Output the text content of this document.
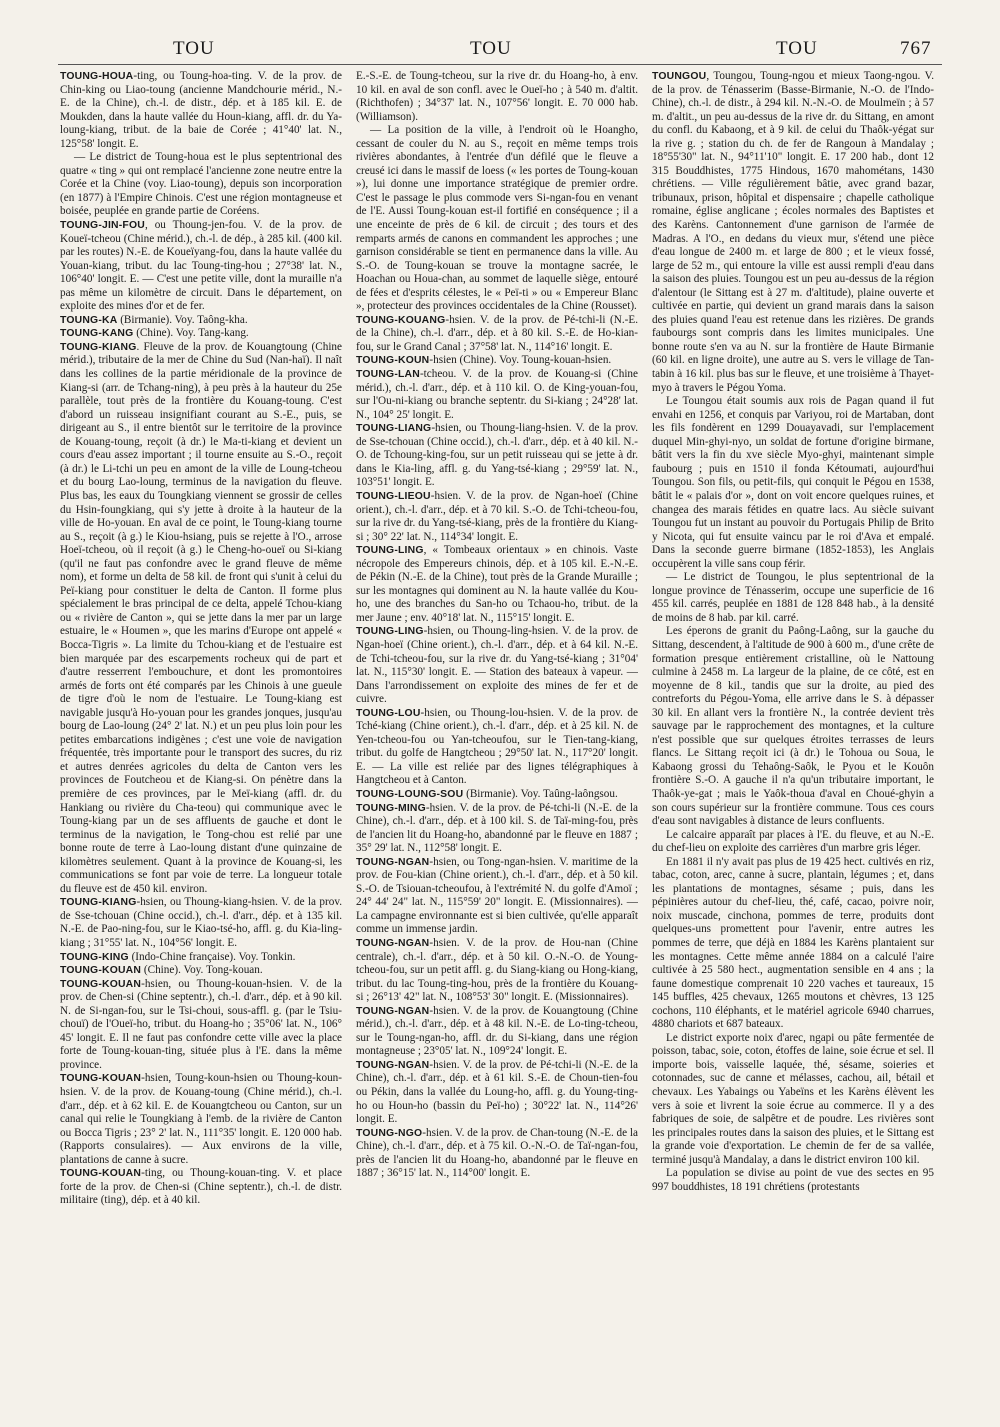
TOU	TOU	TOU	767

TOUNG-HOUA-ting, ou Toung-hoa-ting. V. de la prov. de Chin-king ou Liao-toung (ancienne Mandchourie mérid., N.-E. de la Chine), ch.-l. de distr., dép. et à 185 kil. E. de Moukden, dans la haute vallée du Houn-kiang, affl. dr. du Ya-loung-kiang, tribut. de la baie de Corée ; 41°40' lat. N., 125°58' longit. E.

— Le district de Toung-houa est le plus septentrional des quatre « ting » qui ont remplacé l'ancienne zone neutre entre la Corée et la Chine (voy. Liao-toung), depuis son incorporation (en 1877) à l'Empire Chinois. C'est une région montagneuse et boisée, peuplée en grande partie de Coréens.

TOUNG-JIN-FOU, ou Thoung-jen-fou. V. de la prov. de Koueï-tcheou (Chine mérid.), ch.-l. de dép., à 285 kil. (400 kil. par les routes) N.-E. de Koueïyang-fou, dans la haute vallée du Youan-kiang, tribut. du lac Toung-ting-hou ; 27°38' lat. N., 106°40' longit. E. — C'est une petite ville, dont la muraille n'a pas même un kilomètre de circuit. Dans le département, on exploite des mines d'or et de fer.

TOUNG-KA (Birmanie). Voy. Taông-kha.

TOUNG-KANG (Chine). Voy. Tang-kang.

TOUNG-KIANG. Fleuve de la prov. de Kouangtoung (Chine mérid.), tributaire de la mer de Chine du Sud (Nan-haï). Il naît dans les collines de la partie méridionale de la province de Kiang-si (arr. de Tchang-ning), à peu près à la hauteur du 25e parallèle, tout près de la frontière du Kouang-toung. C'est d'abord un ruisseau insignifiant courant au S.-E., puis, se dirigeant au S., il entre bientôt sur le territoire de la province de Kouang-toung, reçoit (à dr.) le Ma-ti-kiang et devient un cours d'eau assez important ; il tourne ensuite au S.-O., reçoit (à dr.) le Li-tchi un peu en amont de la ville de Loung-tcheou et du bourg Lao-loung, terminus de la navigation du fleuve. Plus bas, les eaux du Toungkiang viennent se grossir de celles du Hsin-foungkiang, qui s'y jette à droite à la hauteur de la ville de Ho-youan. En aval de ce point, le Toung-kiang tourne au S., reçoit (à g.) le Kiou-hsiang, puis se rejette à l'O., arrose Hoeï-tcheou, où il reçoit (à g.) le Cheng-ho-oueï ou Si-kiang (qu'il ne faut pas confondre avec le grand fleuve de même nom), et forme un delta de 58 kil. de front qui s'unit à celui du Peï-kiang pour constituer le delta de Canton. Il forme plus spécialement le bras principal de ce delta, appelé Tchou-kiang ou « rivière de Canton », qui se jette dans la mer par un large estuaire, le « Houmen », que les marins d'Europe ont appelé « Bocca-Tigris ». La limite du Tchou-kiang et de l'estuaire est bien marquée par des escarpements rocheux qui de part et d'autre resserrent l'embouchure, et dont les promontoires armés de forts ont été comparés par les Chinois à une gueule de tigre d'où le nom de l'estuaire. Le Toung-kiang est navigable jusqu'à Ho-youan pour les grandes jonques, jusqu'au bourg de Lao-loung (24° 2' lat. N.) et un peu plus loin pour les petites embarcations indigènes ; c'est une voie de navigation fréquentée, très importante pour le transport des sucres, du riz et autres denrées agricoles du delta de Canton vers les provinces de Foutcheou et de Kiang-si. On pénètre dans la première de ces provinces, par le Meï-kiang (affl. dr. du Hankiang ou rivière du Cha-teou) qui communique avec le Toung-kiang par un de ses affluents de gauche et dont le terminus de la navigation, le Tong-chou est relié par une bonne route de terre à Lao-loung distant d'une quinzaine de kilomètres seulement. Quant à la province de Kouang-si, les communications se font par voie de terre. La longueur totale du fleuve est de 450 kil. environ.

TOUNG-KIANG-hsien, ou Thoung-kiang-hsien. V. de la prov. de Sse-tchouan (Chine occid.), ch.-l. d'arr., dép. et à 135 kil. N.-E. de Pao-ning-fou, sur le Kiao-tsé-ho, affl. g. du Kia-ling-kiang ; 31°55' lat. N., 104°56' longit. E.

TOUNG-KING (Indo-Chine française). Voy. Tonkin.

TOUNG-KOUAN (Chine). Voy. Tong-kouan.

TOUNG-KOUAN-hsien, ou Thoung-kouan-hsien. V. de la prov. de Chen-si (Chine septentr.), ch.-l. d'arr., dép. et à 90 kil. N. de Si-ngan-fou, sur le Tsi-choui, sous-affl. g. (par le Tsiu-chouï) de l'Oueï-ho, tribut. du Hoang-ho ; 35°06' lat. N., 106° 45' longit. E. Il ne faut pas confondre cette ville avec la place forte de Toung-kouan-ting, située plus à l'E. dans la même province.

TOUNG-KOUAN-hsien, Toung-koun-hsien ou Thoung-koun-hsien. V. de la prov. de Kouang-toung (Chine mérid.), ch.-l. d'arr., dép. et à 62 kil. E. de Kouangtcheou ou Canton, sur un canal qui relie le Toungkiang à l'emb. de la rivière de Canton ou Bocca Tigris ; 23° 2' lat. N., 111°35' longit. E. 120 000 hab. (Rapports consulaires). — Aux environs de la ville, plantations de canne à sucre.

TOUNG-KOUAN-ting, ou Thoung-kouan-ting. V. et place forte de la prov. de Chen-si (Chine septentr.), ch.-l. de distr. militaire (ting), dép. et à 40 kil.

E.-S.-E. de Toung-tcheou, sur la rive dr. du Hoang-ho, à env. 10 kil. en aval de son confl. avec le Oueï-ho ; à 540 m. d'altit. (Richthofen) ; 34°37' lat. N., 107°56' longit. E. 70 000 hab. (Williamson).

— La position de la ville, à l'endroit où le Hoangho, cessant de couler du N. au S., reçoit en même temps trois rivières abondantes, à l'entrée d'un défilé que le fleuve a creusé ici dans le massif de loess (« les portes de Toung-kouan »), lui donne une importance stratégique de premier ordre. C'est le passage le plus commode vers Si-ngan-fou en venant de l'E. Aussi Toung-kouan est-il fortifié en conséquence ; il a une enceinte de près de 6 kil. de circuit ; des tours et des remparts armés de canons en commandent les approches ; une garnison considérable se tient en permanence dans la ville. Au S.-O. de Toung-kouan se trouve la montagne sacrée, le Hoachan ou Houa-chan, au sommet de laquelle siège, entouré de fées et d'esprits célestes, le « Peï-ti » ou « Empereur Blanc », protecteur des provinces occidentales de la Chine (Rousset).

TOUNG-KOUANG-hsien. V. de la prov. de Pé-tchi-li (N.-E. de la Chine), ch.-l. d'arr., dép. et à 80 kil. S.-E. de Ho-kian-fou, sur le Grand Canal ; 37°58' lat. N., 114°16' longit. E.

TOUNG-KOUN-hsien (Chine). Voy. Toung-kouan-hsien.

TOUNG-LAN-tcheou. V. de la prov. de Kouang-si (Chine mérid.), ch.-l. d'arr., dép. et à 110 kil. O. de King-youan-fou, sur l'Ou-ni-kiang ou branche septentr. du Si-kiang ; 24°28' lat. N., 104° 25' longit. E.

TOUNG-LIANG-hsien, ou Thoung-liang-hsien. V. de la prov. de Sse-tchouan (Chine occid.), ch.-l. d'arr., dép. et à 40 kil. N.-O. de Tchoung-king-fou, sur un petit ruisseau qui se jette à dr. dans le Kia-ling, affl. g. du Yang-tsé-kiang ; 29°59' lat. N., 103°51' longit. E.

TOUNG-LIEOU-hsien. V. de la prov. de Ngan-hoeï (Chine orient.), ch.-l. d'arr., dép. et à 70 kil. S.-O. de Tchi-tcheou-fou, sur la rive dr. du Yang-tsé-kiang, près de la frontière du Kiang-si ; 30° 22' lat. N., 114°34' longit. E.

TOUNG-LING, « Tombeaux orientaux » en chinois. Vaste nécropole des Empereurs chinois, dép. et à 105 kil. E.-N.-E. de Pékin (N.-E. de la Chine), tout près de la Grande Muraille ; sur les montagnes qui dominent au N. la haute vallée du Kou-ho, une des branches du San-ho ou Tchaou-ho, tribut. de la mer Jaune ; env. 40°18' lat. N., 115°15' longit. E.

TOUNG-LING-hsien, ou Thoung-ling-hsien. V. de la prov. de Ngan-hoeï (Chine orient.), ch.-l. d'arr., dép. et à 64 kil. N.-E. de Tchi-tcheou-fou, sur la rive dr. du Yang-tsé-kiang ; 31°04' lat. N., 115°30' longit. E. — Station des bateaux à vapeur. — Dans l'arrondissement on exploite des mines de fer et de cuivre.

TOUNG-LOU-hsien, ou Thoung-lou-hsien. V. de la prov. de Tché-kiang (Chine orient.), ch.-l. d'arr., dép. et à 25 kil. N. de Yen-tcheou-fou ou Yan-tcheoufou, sur le Tien-tang-kiang, tribut. du golfe de Hangtcheou ; 29°50' lat. N., 117°20' longit. E. — La ville est reliée par des lignes télégraphiques à Hangtcheou et à Canton.

TOUNG-LOUNG-SOU (Birmanie). Voy. Taûng-laôngsou.

TOUNG-MING-hsien. V. de la prov. de Pé-tchi-li (N.-E. de la Chine), ch.-l. d'arr., dép. et à 100 kil. S. de Taï-ming-fou, près de l'ancien lit du Hoang-ho, abandonné par le fleuve en 1887 ; 35° 29' lat. N., 112°58' longit. E.

TOUNG-NGAN-hsien, ou Tong-ngan-hsien. V. maritime de la prov. de Fou-kian (Chine orient.), ch.-l. d'arr., dép. et à 50 kil. S.-O. de Tsiouan-tcheoufou, à l'extrémité N. du golfe d'Amoï ; 24° 44' 24" lat. N., 115°59' 20" longit. E. (Missionnaires). — La campagne environnante est si bien cultivée, qu'elle apparaît comme un immense jardin.

TOUNG-NGAN-hsien. V. de la prov. de Hou-nan (Chine centrale), ch.-l. d'arr., dép. et à 50 kil. O.-N.-O. de Young-tcheou-fou, sur un petit affl. g. du Siang-kiang ou Hong-kiang, tribut. du lac Toung-ting-hou, près de la frontière du Kouang-si ; 26°13' 42" lat. N., 108°53' 30" longit. E. (Missionnaires).

TOUNG-NGAN-hsien. V. de la prov. de Kouangtoung (Chine mérid.), ch.-l. d'arr., dép. et à 48 kil. N.-E. de Lo-ting-tcheou, sur le Toung-ngan-ho, affl. dr. du Si-kiang, dans une région montagneuse ; 23°05' lat. N., 109°24' longit. E.

TOUNG-NGAN-hsien. V. de la prov. de Pé-tchi-li (N.-E. de la Chine), ch.-l. d'arr., dép. et à 61 kil. S.-E. de Choun-tien-fou ou Pékin, dans la vallée du Loung-ho, affl. g. du Young-ting-ho ou Houn-ho (bassin du Peï-ho) ; 30°22' lat. N., 114°26' longit. E.

TOUNG-NGO-hsien. V. de la prov. de Chan-toung (N.-E. de la Chine), ch.-l. d'arr., dép. et à 75 kil. O.-N.-O. de Taï-ngan-fou, près de l'ancien lit du Hoang-ho, abandonné par le fleuve en 1887 ; 36°15' lat. N., 114°00' longit. E.

TOUNGOU, Toungou, Toung-ngou et mieux Taong-ngou. V. de la prov. de Ténasserim (Basse-Birmanie, N.-O. de l'Indo-Chine), ch.-l. de distr., à 294 kil. N.-N.-O. de Moulmeïn ; à 57 m. d'altit., un peu au-dessus de la rive dr. du Sittang, en amont du confl. du Kabaong, et à 9 kil. de celui du Thaôk-yégat sur la rive g. ; station du ch. de fer de Rangoun à Mandalay ; 18°55'30" lat. N., 94°11'10" longit. E. 17 200 hab., dont 12 315 Bouddhistes, 1775 Hindous, 1670 mahométans, 1430 chrétiens. — Ville régulièrement bâtie, avec grand bazar, tribunaux, prison, hôpital et dispensaire ; chapelle catholique romaine, église anglicane ; écoles normales des Baptistes et des Karèns. Cantonnement d'une garnison de l'armée de Madras. A l'O., en dedans du vieux mur, s'étend une pièce d'eau longue de 2400 m. et large de 800 ; et le vieux fossé, large de 52 m., qui entoure la ville est aussi rempli d'eau dans la saison des pluies. Toungou est un peu au-dessus de la région d'alentour (le Sittang est à 27 m. d'altitude), plaine ouverte et cultivée en partie, qui devient un grand marais dans la saison des pluies quand l'eau est retenue dans les rizières. De grands faubourgs sont compris dans les limites municipales. Une bonne route s'en va au N. sur la frontière de Haute Birmanie (60 kil. en ligne droite), une autre au S. vers le village de Tan-tabin à 16 kil. plus bas sur le fleuve, et une troisième à Thayet-myo à travers le Pégou Yoma.

Le Toungou était soumis aux rois de Pagan quand il fut envahi en 1256, et conquis par Variyou, roi de Martaban, dont les fils fondèrent en 1299 Douayavadi, sur l'emplacement duquel Min-ghyi-nyo, un soldat de fortune d'origine birmane, bâtit vers la fin du xve siècle Myo-ghyi, maintenant simple faubourg ; puis en 1510 il fonda Kétoumati, aujourd'hui Toungou. Son fils, ou petit-fils, qui conquit le Pégou en 1538, bâtit le « palais d'or », dont on voit encore quelques ruines, et changea des marais fétides en quatre lacs. Au siècle suivant Toungou fut un instant au pouvoir du Portugais Philip de Brito y Nicota, qui fut ensuite vaincu par le roi d'Ava et empalé. Dans la seconde guerre birmane (1852-1853), les Anglais occupèrent la ville sans coup férir.

— Le district de Toungou, le plus septentrional de la longue province de Ténasserim, occupe une superficie de 16 455 kil. carrés, peuplée en 1881 de 128 848 hab., à la densité de moins de 8 hab. par kil. carré.

Les éperons de granit du Paông-Laông, sur la gauche du Sittang, descendent, à l'altitude de 900 à 600 m., d'une crête de formation presque entièrement cristalline, où le Nattoung culmine à 2458 m. La largeur de la plaine, de ce côté, est en moyenne de 8 kil., tandis que sur la droite, au pied des contreforts du Pégou-Yoma, elle arrive dans le S. à dépasser 30 kil. En allant vers la frontière N., la contrée devient très sauvage par le rapprochement des montagnes, et la culture n'est possible que sur quelques étroites terrasses de leurs flancs. Le Sittang reçoit ici (à dr.) le Tohoua ou Soua, le Kabaong grossi du Tehaông-Saôk, le Pyou et le Kouôn frontière S.-O. A gauche il n'a qu'un tributaire important, le Thaôk-ye-gat ; mais le Yaôk-thoua d'aval en Choué-ghyin a son cours supérieur sur la frontière commune. Tous ces cours d'eau sont navigables à distance de leurs confluents.

Le calcaire apparaît par places à l'E. du fleuve, et au N.-E. du chef-lieu on exploite des carrières d'un marbre gris léger.

En 1881 il n'y avait pas plus de 19 425 hect. cultivés en riz, tabac, coton, arec, canne à sucre, plantain, légumes ; et, dans les plantations de montagnes, sésame ; puis, dans les pépinières autour du chef-lieu, thé, café, cacao, poivre noir, noix muscade, cinchona, pommes de terre, produits dont quelques-uns promettent pour l'avenir, entre autres les pommes de terre, que déjà en 1884 les Karèns plantaient sur les montagnes. Cette même année 1884 on a calculé l'aire cultivée à 25 580 hect., augmentation sensible en 4 ans ; la faune domestique comprenait 10 220 vaches et taureaux, 15 145 buffles, 425 chevaux, 1265 moutons et chèvres, 13 125 cochons, 110 éléphants, et le matériel agricole 6940 charrues, 4880 chariots et 687 bateaux.

Le district exporte noix d'arec, ngapi ou pâte fermentée de poisson, tabac, soie, coton, étoffes de laine, soie écrue et sel. Il importe bois, vaisselle laquée, thé, sésame, soieries et cotonnades, suc de canne et mélasses, cachou, ail, bétail et chevaux. Les Yabaings ou Yabeïns et les Karèns élèvent les vers à soie et livrent la soie écrue au commerce. Il y a des fabriques de soie, de salpêtre et de poudre. Les rivières sont les principales routes dans la saison des pluies, et le Sittang est la grande voie d'exportation. Le chemin de fer de sa vallée, terminé jusqu'à Mandalay, a dans le district environ 100 kil.

La population se divise au point de vue des sectes en 95 997 bouddhistes, 18 191 chrétiens (protestants
